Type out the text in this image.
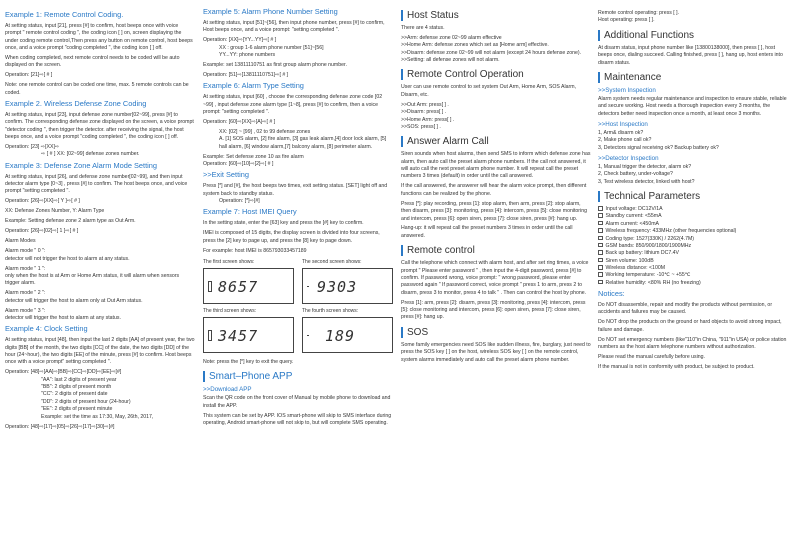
Example 1: Remote Control Coding.

At setting status, input [21], press [#] to confirm, host beeps once with voice prompt " remote control coding ", the coding icon [ ] on, screen displaying the under coding remote control,Then press any button on remote control, host beeps once, and a voice prompt "coding completed ", the coding icon [ ] off.

When coding completed, next remote control needs to be coded will be auto displayed on the screen.

Operation: [21]⇨[ # ]

Note: one remote control can be coded one time, max. 5 remote controls can be coded.

Example 2. Wireless Defense Zone Coding

At setting status, input [23], input defense zone number[02~99], press [#] to confirm. The corresponding defense zone displayed on the screen, a voice prompt "detector coding ", then trigger the detector. after receiving the signal, the host beeps once, and a voice prompt "coding completed ", the coding icon [ ] off.

Operation: [23] ⇨[XX]⇨

⇨ [ # ] XX: [02~99] defense zones number.

Example 3: Defense Zone Alarm Mode Setting

At setting status, input [26], and defense zone number[02~99], and then input detector alarm type [0~3] , press [#] to confirm. The host beeps once, and voice prompt "setting completed ".

Operation: [26]⇨[XX]⇨[ Y ]⇨[ # ]

XX: Defense Zones Number, Y: Alarm Type

Example: Setting defense zone 2 alarm type as Out Arm.

Operation: [26]⇨[02]⇨[ 1 ]⇨[ # ]

Alarm Modes

Alarm mode " 0 ":

detector will not trigger the host to alarm at any status.

Alarm mode " 1 ":

only when the host is at Arm or Home Arm status, it will alarm when sensors trigger alarm.

Alarm mode " 2 ":

detector will trigger the host to alarm only at Out Arm status.

Alarm mode " 3 ":

detector will trigger the host to alarm at any status.

Example 4: Clock Setting

At setting status, input [48], then input the last 2 digits [AA] of present year, the two digits [BB] of the month, the two digits [CC] of the date, the two digits [DD] of the hour (24~hour), the two digits [EE] of the minute, press [#] to confirm. Host beeps once with a voice prompt" setting completed ".

Operation: [48]⇨[AA]⇨[BB]⇨[CC]⇨[DD]⇨[EE]⇨[#]

"AA": last 2 digits of present year

"BB": 2 digits of present month

"CC": 2 digits of present date

"DD": 2 digits of present hour (24-hour)

"EE": 2 digits of present minute

Example: set the time as 17:30, May, 26th, 2017,

Operation: [48]⇨[17]⇨[05]⇨[26]⇨[17]⇨[30]⇨[#]

Example 5: Alarm Phone Number Setting

At setting status, input [51]~[56], then input phone number, press [#] to confirm, Host beeps once, and a voice prompt: "setting completed ".

Operation: [XX]⇨[YY...YY]⇨[ # ]

XX : group 1-6 alarm phone number [51]~[56]

YY...YY: phone numbers

Example: set 13811110751 as first group alarm phone number.

Operation: [51]⇨[13811110751]⇨[ # ]

Example 6: Alarm Type Setting

At setting status, input [60] , choose the corresponding defense zone code [02 ~99] , input defense zone alarm type [1~8], press [#] to confirm, then a voice prompt: "setting completed ".

Operation: [60]⇨[XX]⇨[A]⇨[ # ]

XX: [02] ~ [99] , 02 to 99 defense zones

A. [1] SOS alarm, [2] fire alarm, [3] gas leak alarm,[4] door lock alarm, [5] hall alarm, [6] window alarm,[7] balcony alarm, [8] perimeter alarm.

Example: Set defense zone 10 as fire alarm

Operation: [60]⇨[10]⇨[2]⇨[ # ]

>>Exit Setting

Press [*] and [#], the host beeps two times, exit setting status. [SET] light off and system back to standby status.

Operation: [*]⇨[#]

Example 7: Host IMEI Query

In the setting state, enter the [63] key and press the [#] key to confirm.

IMEI is composed of 15 digits, the display screen is divided into four screens, press the [2] key to page up, and press the [8] key to page down.

For example: host IMEI is 865793033457189

The first screen shows:
8657
The second screen shows:
9303
The third screen shows:
3457
The fourth screen shows:
189

Note: press the [*] key to exit the query.

Smart–Phone APP
>>Download APP

Scan the QR code on the front cover of Manual by mobile phone to download and install the APP.

This system can be set by APP. IOS smart-phone will skip to SMS interface during operating, Android smart-phone will not skip to, but will complete SMS operating.

Host Status

There are 4 status.

>>Arm: defense zone 02~99 alarm effective

>>Home Arm: defense zones which set as [Home arm] effective.

>>Disarm: defense zone 02~99 will not alarm (except 24 hours defense zone).

>>Setting: all defense zones will not alarm.

Remote Control Operation

User can use remote control to set system Out Arm, Home Arm, SOS Alarm, Disarm, etc.

>>Out Arm: press[ ] .

>>Disarm: press[ ] .

>>Home Arm: press[ ] .

>>SOS: press[ ] .

Answer Alarm Call

Siren sounds when host alarms, then send SMS to inform which defense zone has alarm, then auto call the preset alarm phone numbers. If the call not answered, it will auto call the next preset alarm phone number. It will repeat call the preset numbers 3 times (default) in order until the call answered.

If the call answered, the answerer will hear the alarm voice prompt, then different functions can be realized by the phone.

Press [*]: play recording, press [1]: stop alarm, then arm, press [2]: stop alarm, then disarm, press [3]: monitoring, press [4]: intercom, press [5]: close monitoring and intercom, press [6]: open siren, press [7]: close siren, press [#]: hang up.

Hang-up: it will repeat call the preset numbers 3 times in order until the call answered.

Remote control

Call the telephone which connect with alarm host, and after set ring times, a voice prompt " Please enter password " , then input the 4-digit password, press [#] to confirm. If password wrong, voice prompt: " wrong password, please enter password again " If password correct, voice prompt " press 1 to arm, press 2 to disarm, press 3 to monitor, press 4 to talk " . Then can control the host by phone.

Press [1]: arm, press [2]: disarm, press [3]: monitoring, press [4]: intercom, press [5]: close monitoring and intercom, press [6]: open siren, press [7]: close siren, press [#]: hang up.

SOS

Some family emergencies need SOS like sudden illness, fire, burglary, just need to press the SOS key [ ] on the host, wireless SOS key [ ] on the remote control, system alarms immediately and auto call the preset alarm phone number.

Remote control operating: press [ ].

Host operating: press [ ].

Additional Functions

At disarm status, input phone number like [13800138000], then press [ ], host beeps once, dialing succeed. Calling finished, press [ ], hang up, host enters into disarm status.

Maintenance
>>System Inspection

Alarm system needs regular maintenance and inspection to ensure stable, reliable and secure working. Host needs a thorough inspection every 3 months, the detectors better need inspection once a month, at least once 3 months.

>>Host Inspection

1, Arm& disarm ok?

2, Make phone call ok?

3, Detectors signal receiving ok? Backup battery ok?

>>Detector Inspection

1, Manual trigger the detector, alarm ok?

2, Check battery, under-voltage?

3, Test wireless detector, linked with host?

Technical Parameters

Input voltage: DC12V/1A

Standby current: <55mA

Alarm current: <450mA

Wireless frequency: 433MHz (other frequencies optional)

Coding type: 1527(330K) / 2262(4.7M)

GSM bands: 850/900/1800/1900MHz

Back up battery: lithium DC7.4V

Siren volume: 100dB

Wireless distance: <100M

Working temperature: -10℃ ~ +55℃

Relative humidity: <80% RH (no freezing)

Notices:

Do NOT disassemble, repair and modify the products without permission, or accidents and failures may be caused.

Do NOT drop the products on the ground or hard objects to avoid strong impact, failure and damage.

Do NOT set emergency numbers (like"110"in China, "911"in USA) or police station numbers as the host alarm telephone numbers without authorization.

Please read the manual carefully before using.

If the manual is not in conformity with product, be subject to product.
